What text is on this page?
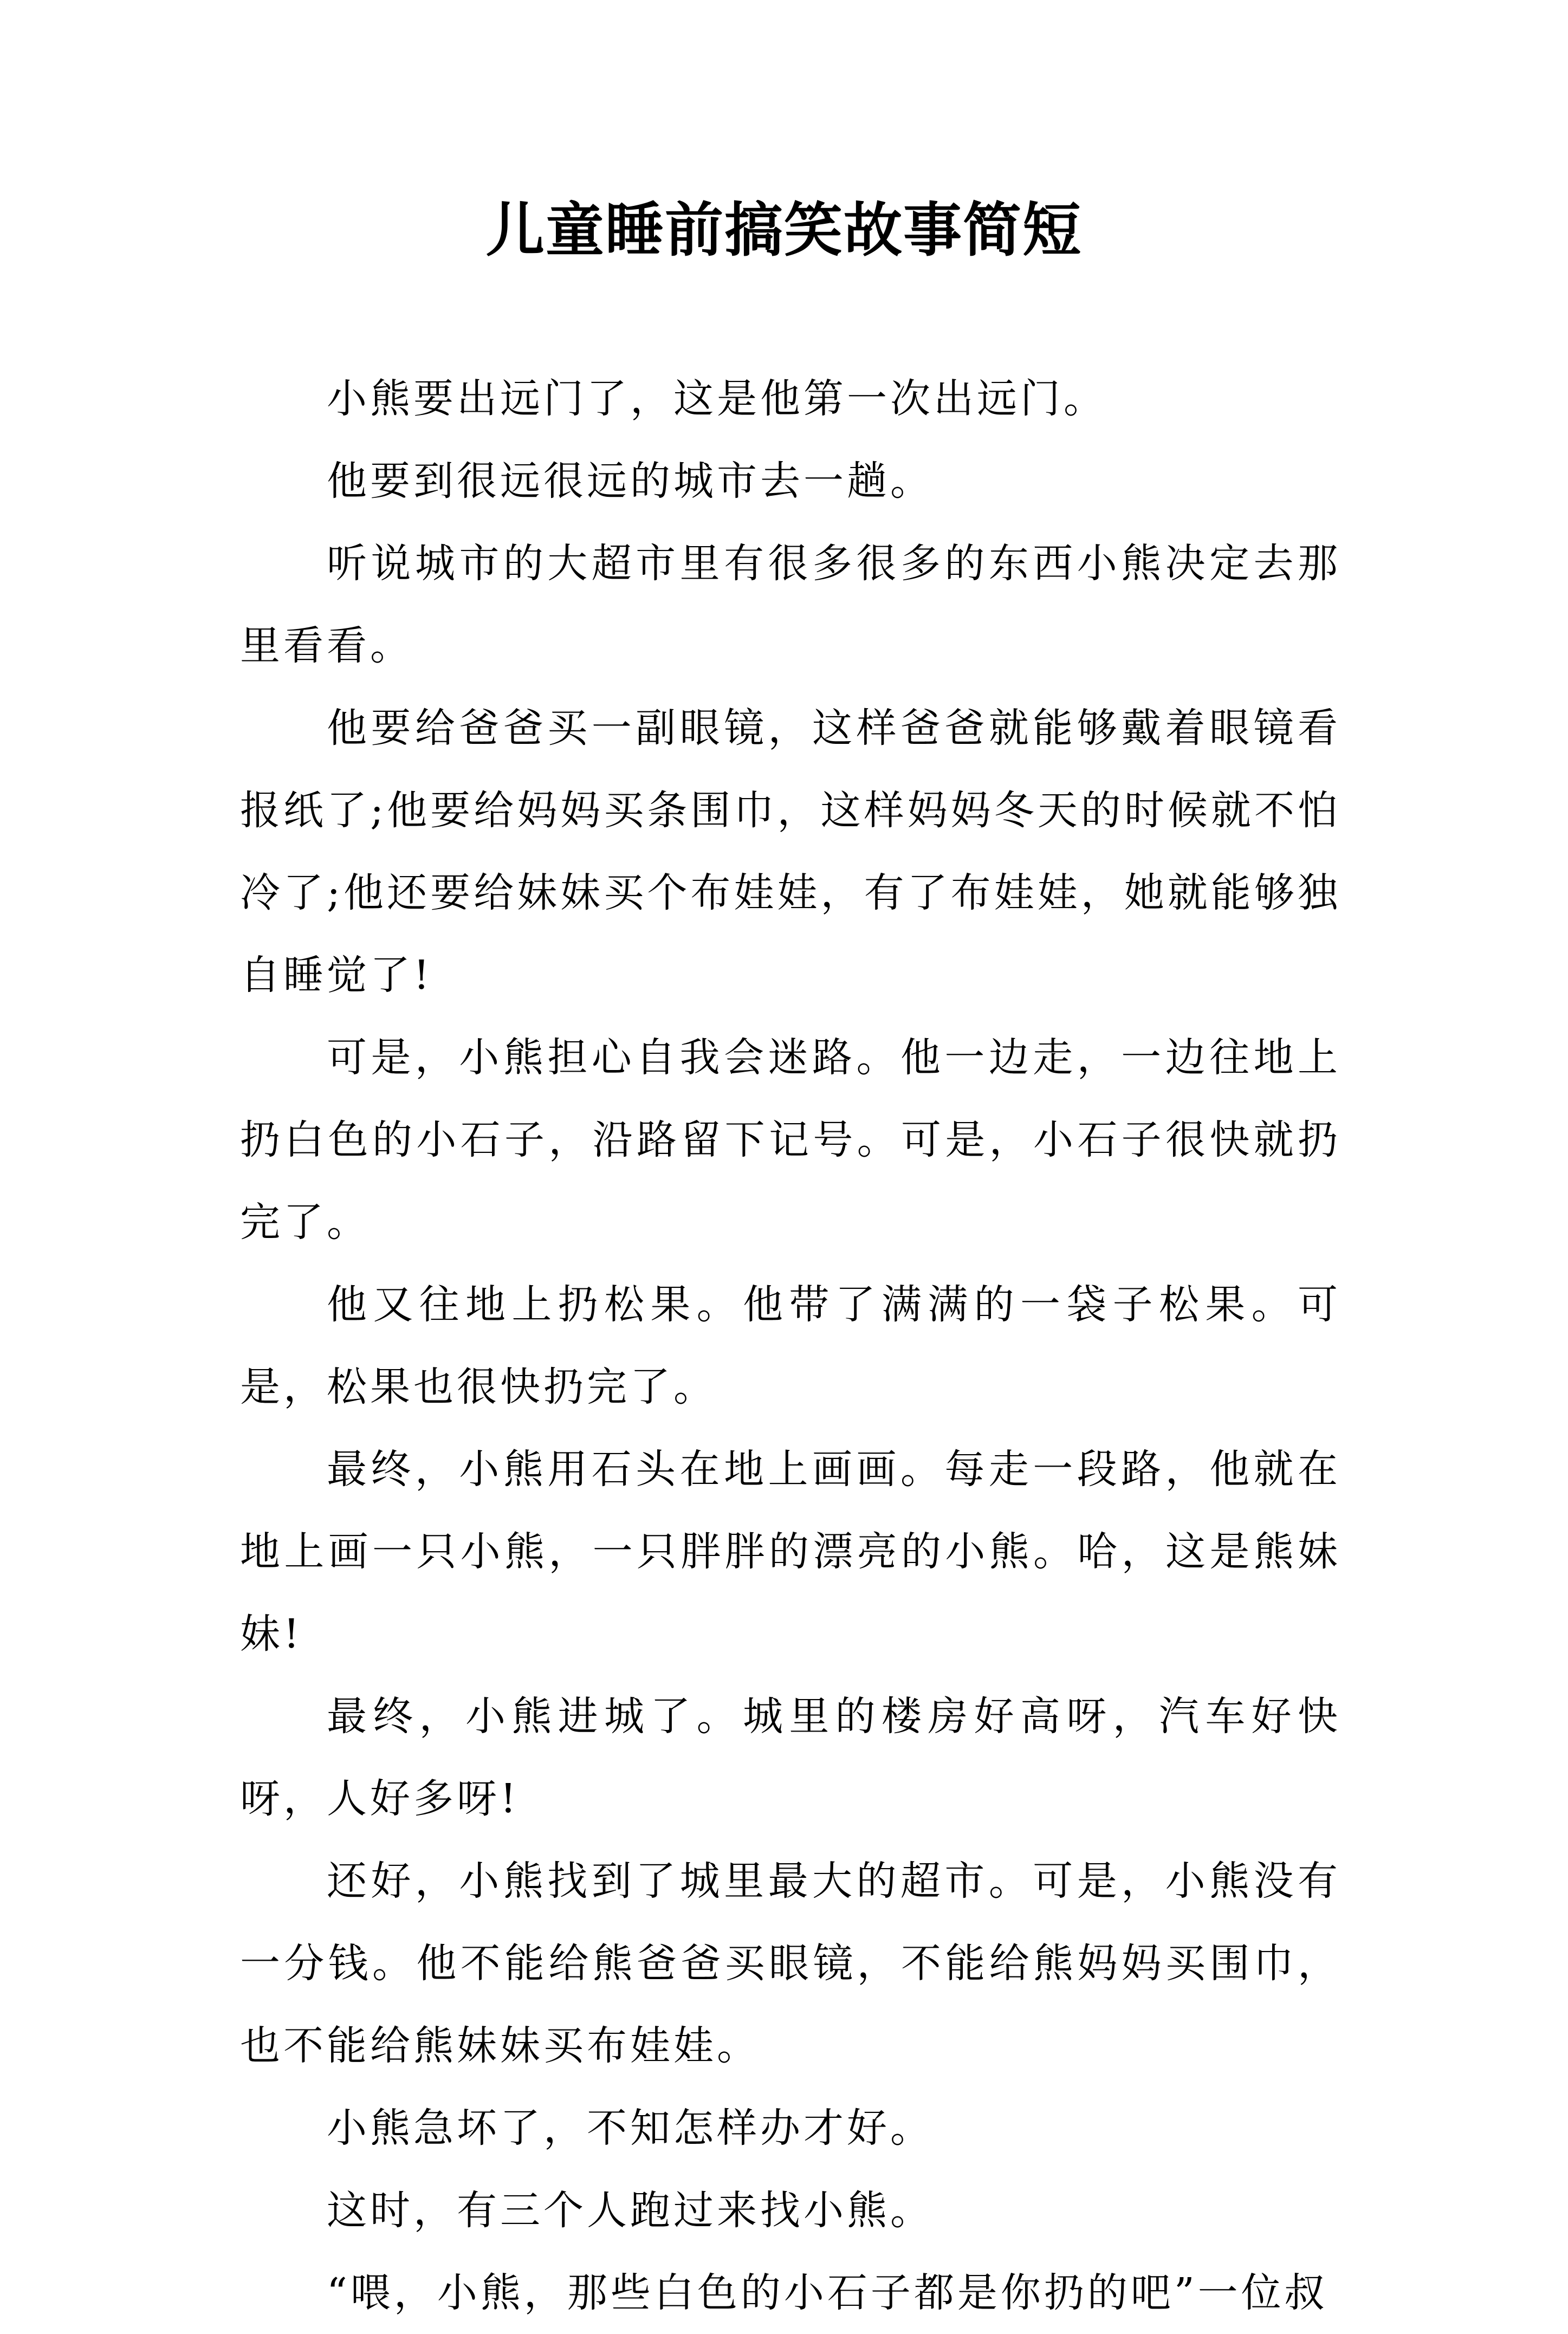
儿童睡前搞笑故事简短

小熊要出远门了，这是他第一次出远门。

他要到很远很远的城市去一趟。

听说城市的大超市里有很多很多的东西小熊决定去那里看看。

他要给爸爸买一副眼镜，这样爸爸就能够戴着眼镜看报纸了;他要给妈妈买条围巾，这样妈妈冬天的时候就不怕冷了;他还要给妹妹买个布娃娃，有了布娃娃，她就能够独自睡觉了!

可是，小熊担心自我会迷路。他一边走，一边往地上扔白色的小石子，沿路留下记号。可是，小石子很快就扔完了。

他又往地上扔松果。他带了满满的一袋子松果。可是，松果也很快扔完了。

最终，小熊用石头在地上画画。每走一段路，他就在地上画一只小熊，一只胖胖的漂亮的小熊。哈，这是熊妹妹!

最终，小熊进城了。城里的楼房好高呀，汽车好快呀，人好多呀!

还好，小熊找到了城里最大的超市。可是，小熊没有一分钱。他不能给熊爸爸买眼镜，不能给熊妈妈买围巾，也不能给熊妹妹买布娃娃。

小熊急坏了，不知怎样办才好。

这时，有三个人跑过来找小熊。

“喂，小熊，那些白色的小石子都是你扔的吧”一位叔
